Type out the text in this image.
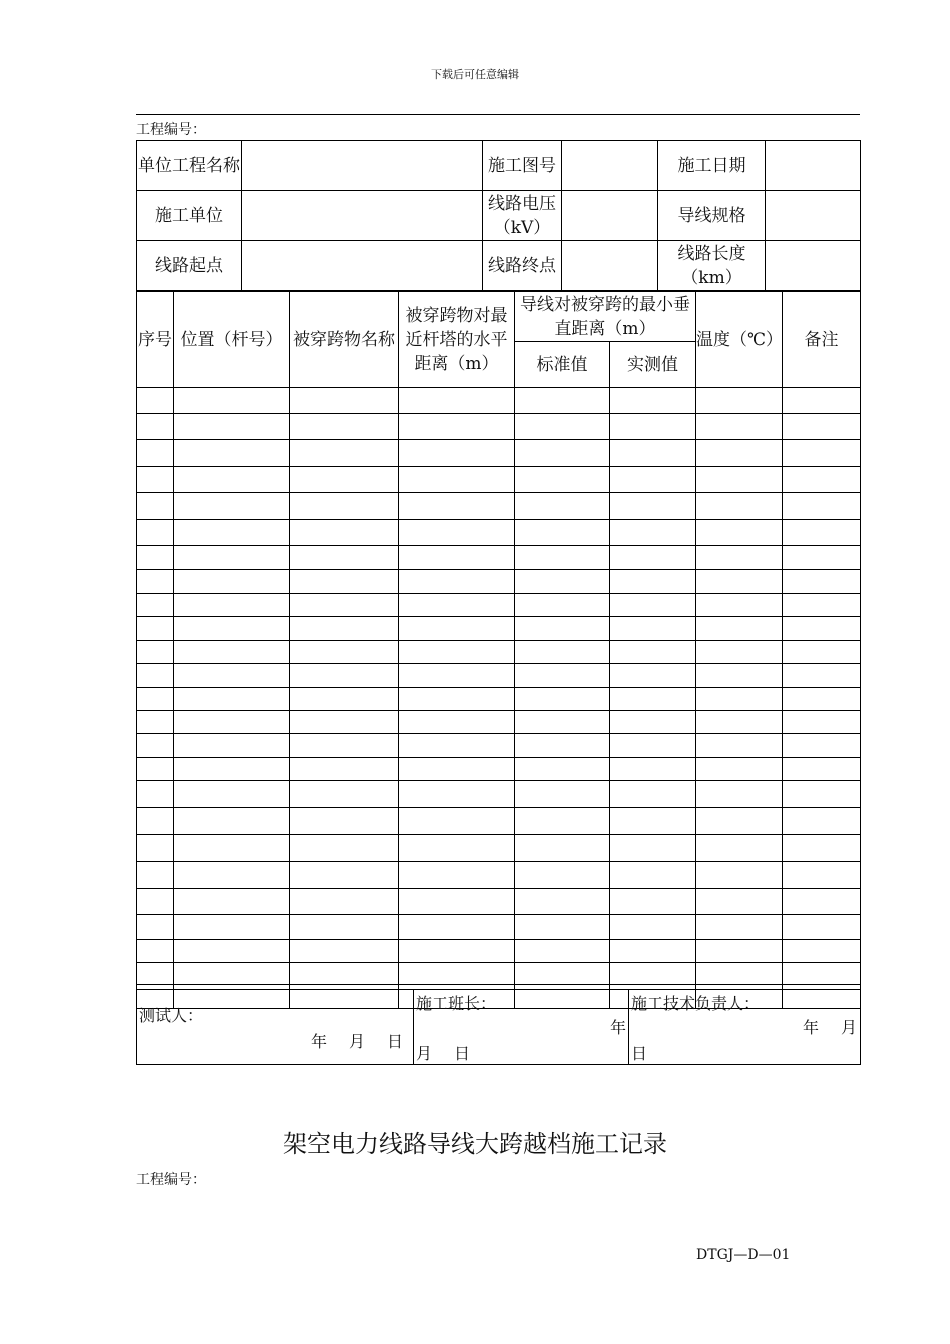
下载后可任意编辑
工程编号：
单位工程名称		施工图号		施工日期	
施工单位		线路电压（kV）		导线规格	
线路起点		线路终点		线路长度（km）	
序号	位置（杆号）	被穿跨物名称	被穿跨物对最近杆塔的水平距离（m）	导线对被穿跨的最小垂直距离（m）		温度（℃）	备注
				标准值	实测值		

测试人：
年 月 日

施工班长：
年
月 日

施工技术负责人：
年 月
日
架空电力线路导线大跨越档施工记录
工程编号：
DTGJ—D—01
